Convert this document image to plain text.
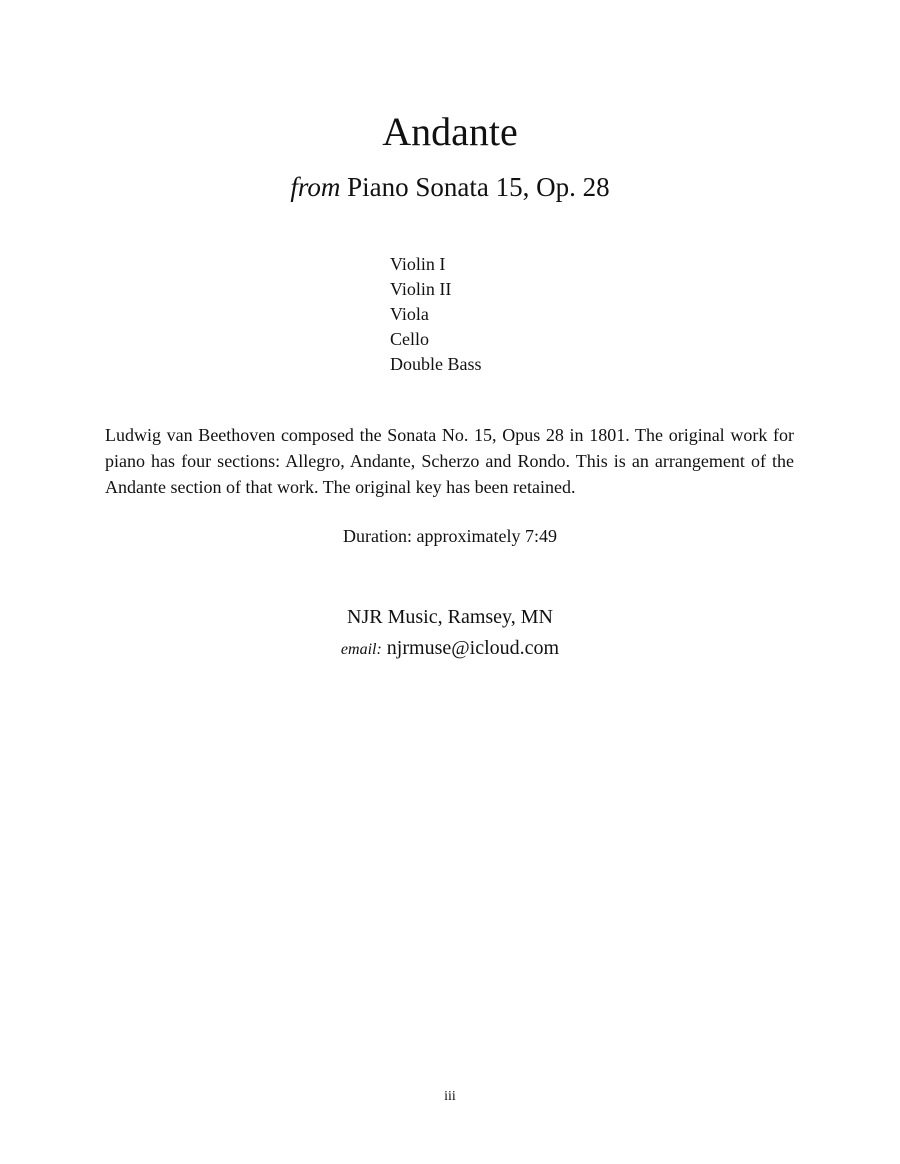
Andante
from Piano Sonata 15, Op. 28
Violin I
Violin II
Viola
Cello
Double Bass

Ludwig van Beethoven composed the Sonata No. 15, Opus 28 in 1801. The original work for piano has four sections: Allegro, Andante, Scherzo and Rondo. This is an arrangement of the Andante section of that work. The original key has been retained.

Duration: approximately 7:49
NJR Music, Ramsey, MN
email: njrmuse@icloud.com
iii
